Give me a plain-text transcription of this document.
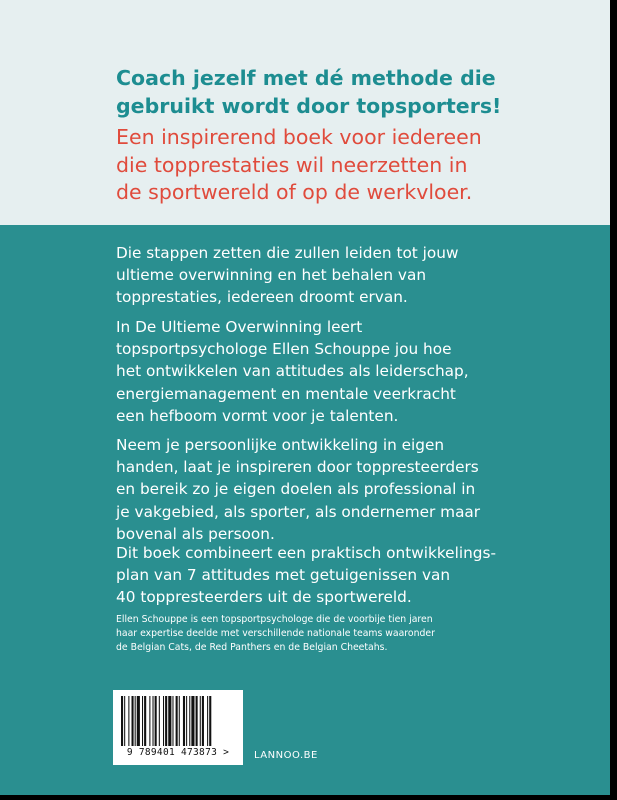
Coach jezelf met dé methode die
gebruikt wordt door topsporters!
Een inspirerend boek voor iedereen
die topprestaties wil neerzetten in
de sportwereld of op de werkvloer.
Die stappen zetten die zullen leiden tot jouw
ultieme overwinning en het behalen van
topprestaties, iedereen droomt ervan.
In De Ultieme Overwinning leert
topsportpsychologe Ellen Schouppe jou hoe
het ontwikkelen van attitudes als leiderschap,
energiemanagement en mentale veerkracht
een hefboom vormt voor je talenten.
Neem je persoonlijke ontwikkeling in eigen
handen, laat je inspireren door toppresteerders
en bereik zo je eigen doelen als professional in
je vakgebied, als sporter, als ondernemer maar
bovenal als persoon.
Dit boek combineert een praktisch ontwikkelings-
plan van 7 attitudes met getuigenissen van
40 toppresteerders uit de sportwereld.
Ellen Schouppe is een topsportpsychologe die de voorbije tien jaren
haar expertise deelde met verschillende nationale teams waaronder
de Belgian Cats, de Red Panthers en de Belgian Cheetahs.
9 789401 473873 >	LANNOO.BE
